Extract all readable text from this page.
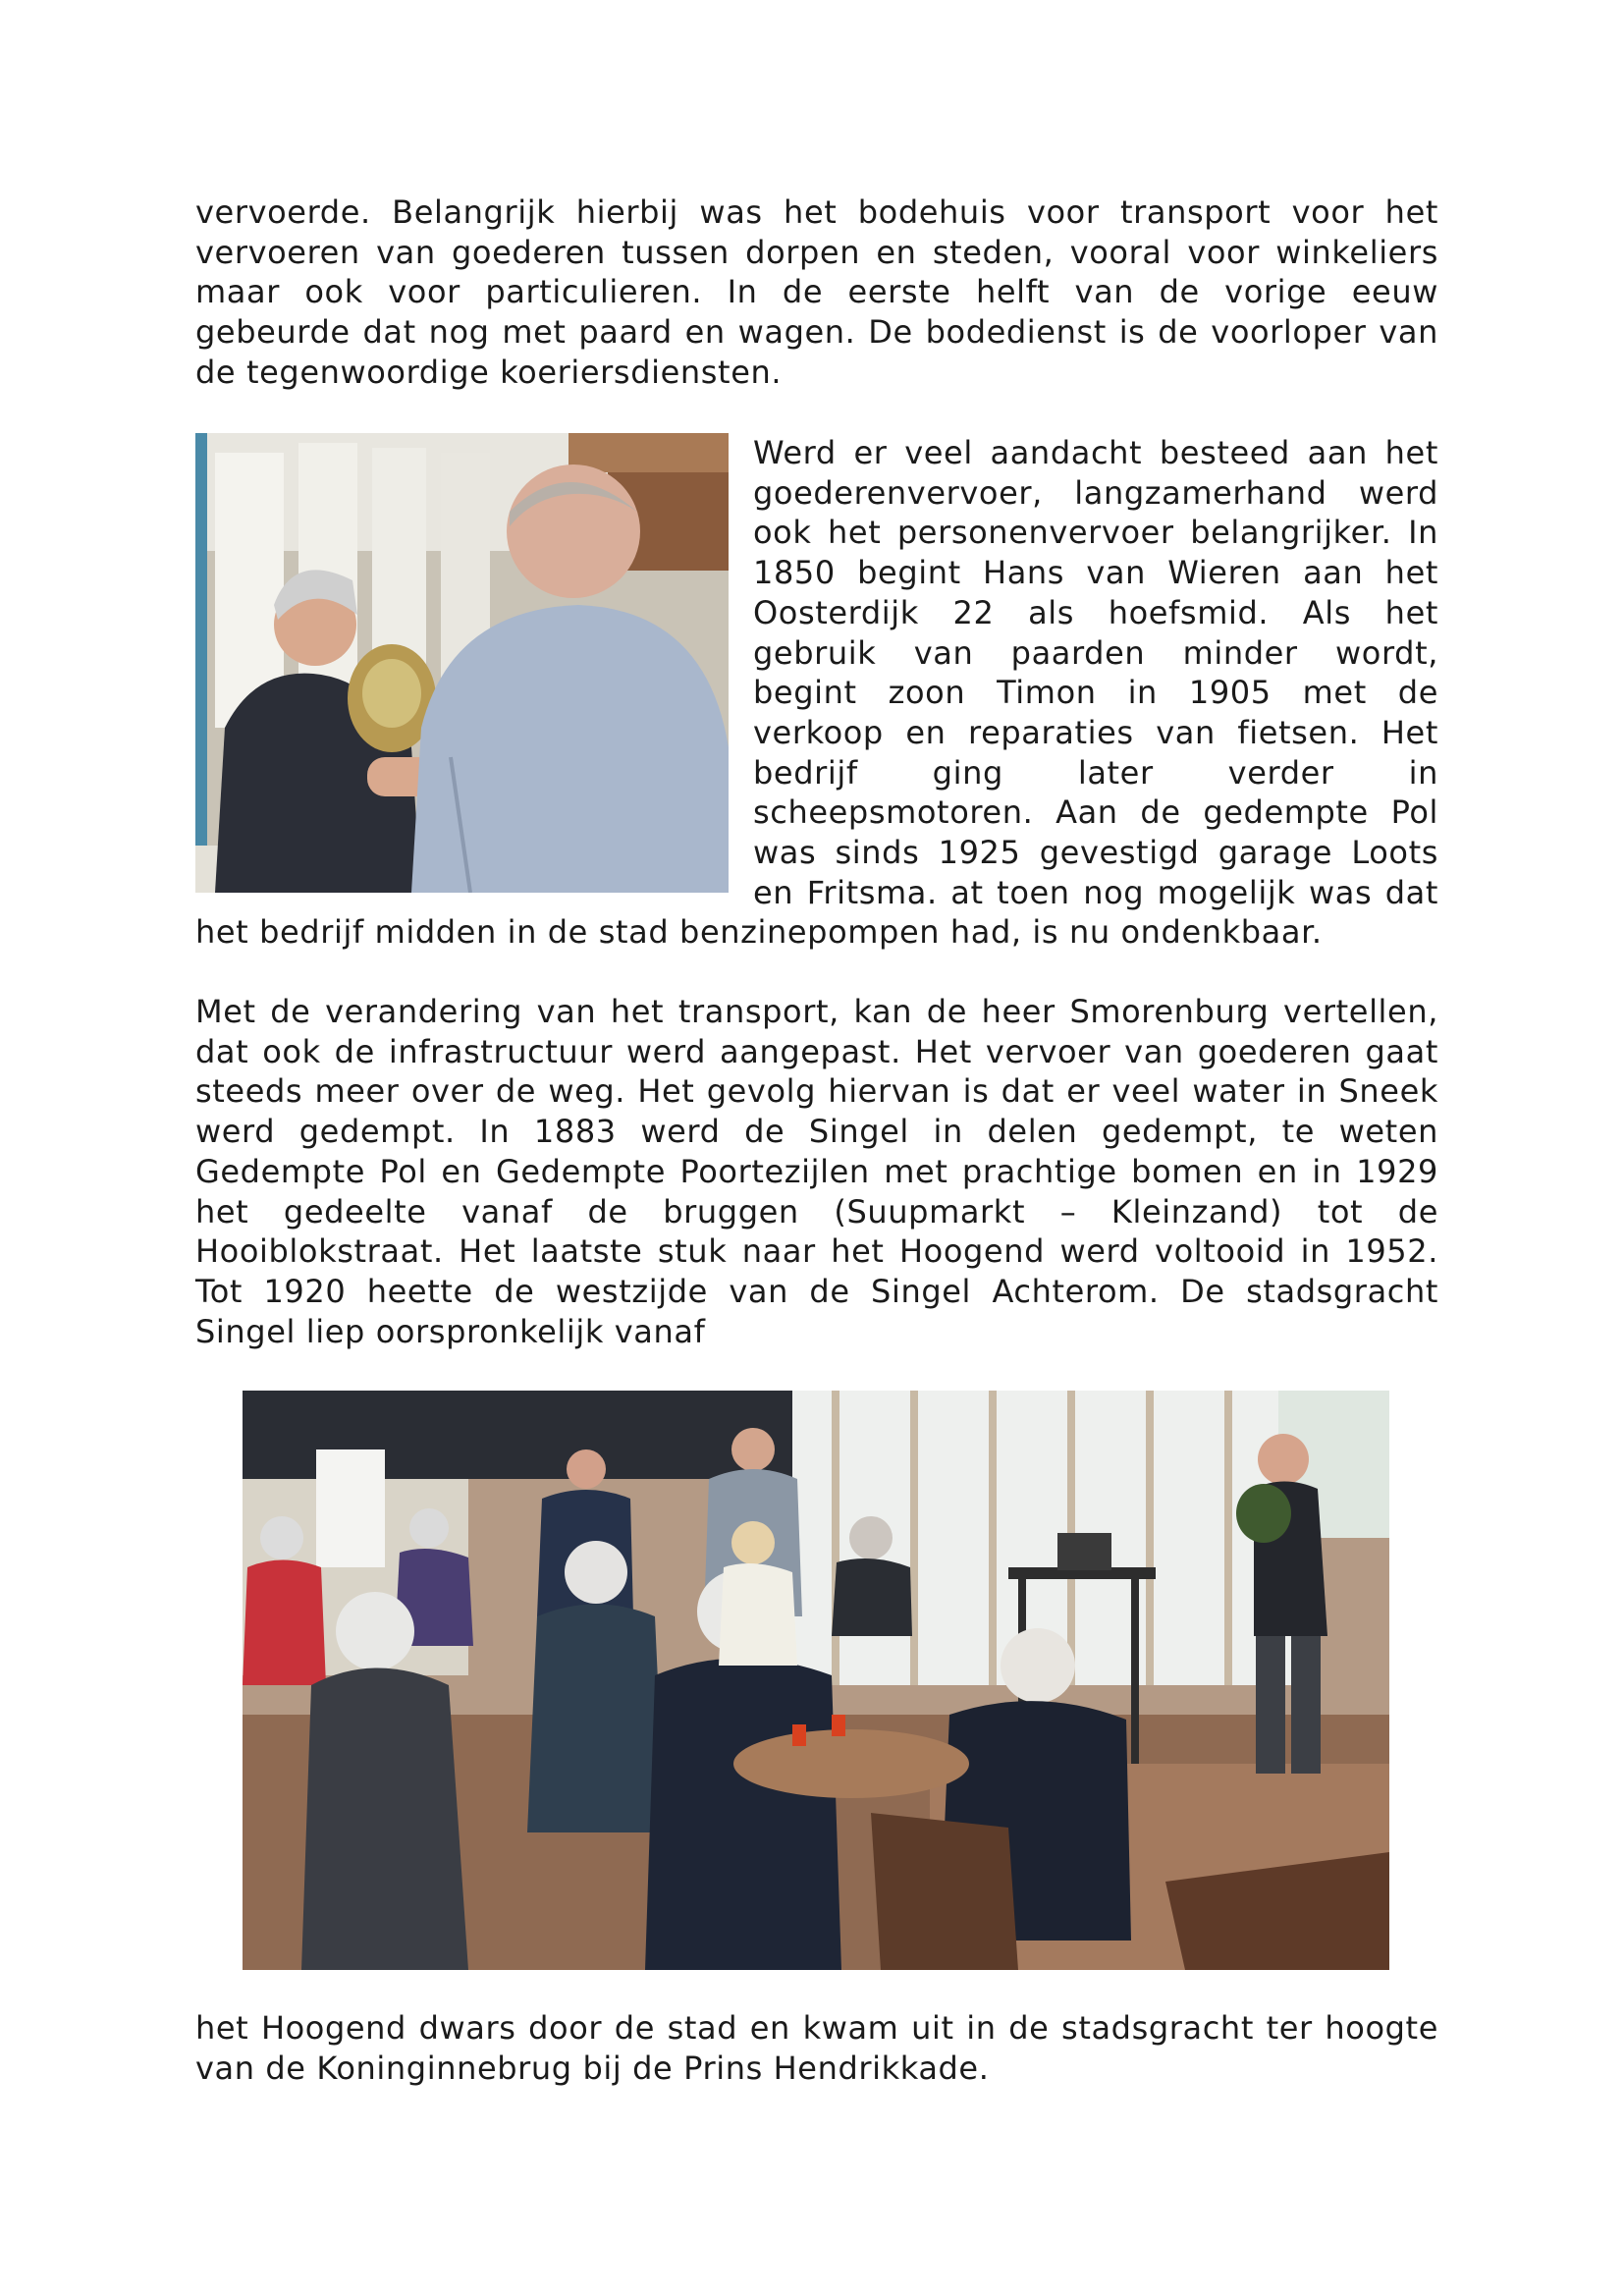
vervoerde. Belangrijk hierbij was het bodehuis voor transport voor het vervoeren van goederen tussen dorpen en steden, vooral voor winkeliers maar ook voor particulieren. In de eerste helft van de vorige eeuw gebeurde dat nog met paard en wagen. De bodedienst is de voorloper van de tegenwoordige koeriersdiensten.

Werd er veel aandacht besteed aan het
goederenvervoer, langzamerhand werd
ook het personenvervoer belangrijker. In
1850 begint Hans van Wieren aan het
Oosterdijk 22 als hoefsmid. Als het
gebruik van paarden minder wordt,
begint zoon Timon in 1905 met de
verkoop en reparaties van fietsen. Het
bedrijf ging later verder in
scheepsmotoren. Aan de gedempte Pol
was sinds 1925 gevestigd garage Loots
en Fritsma. at toen nog mogelijk was dat

het bedrijf midden in de stad benzinepompen had, is nu ondenkbaar.

Met de verandering van het transport, kan de heer Smorenburg vertellen, dat ook de infrastructuur werd aangepast. Het vervoer van goederen gaat steeds meer over de weg. Het gevolg hiervan is dat er veel water in Sneek werd gedempt. In 1883 werd de Singel in delen gedempt, te weten Gedempte Pol en Gedempte Poortezijlen met prachtige bomen en in 1929 het gedeelte vanaf de bruggen (Suupmarkt – Kleinzand) tot de Hooiblokstraat. Het laatste stuk naar het Hoogend werd voltooid in 1952. Tot 1920 heette de westzijde van de Singel Achterom. De stadsgracht Singel liep oorspronkelijk vanaf

het Hoogend dwars door de stad en kwam uit in de stadsgracht ter hoogte van de Koninginnebrug bij de Prins Hendrikkade.
